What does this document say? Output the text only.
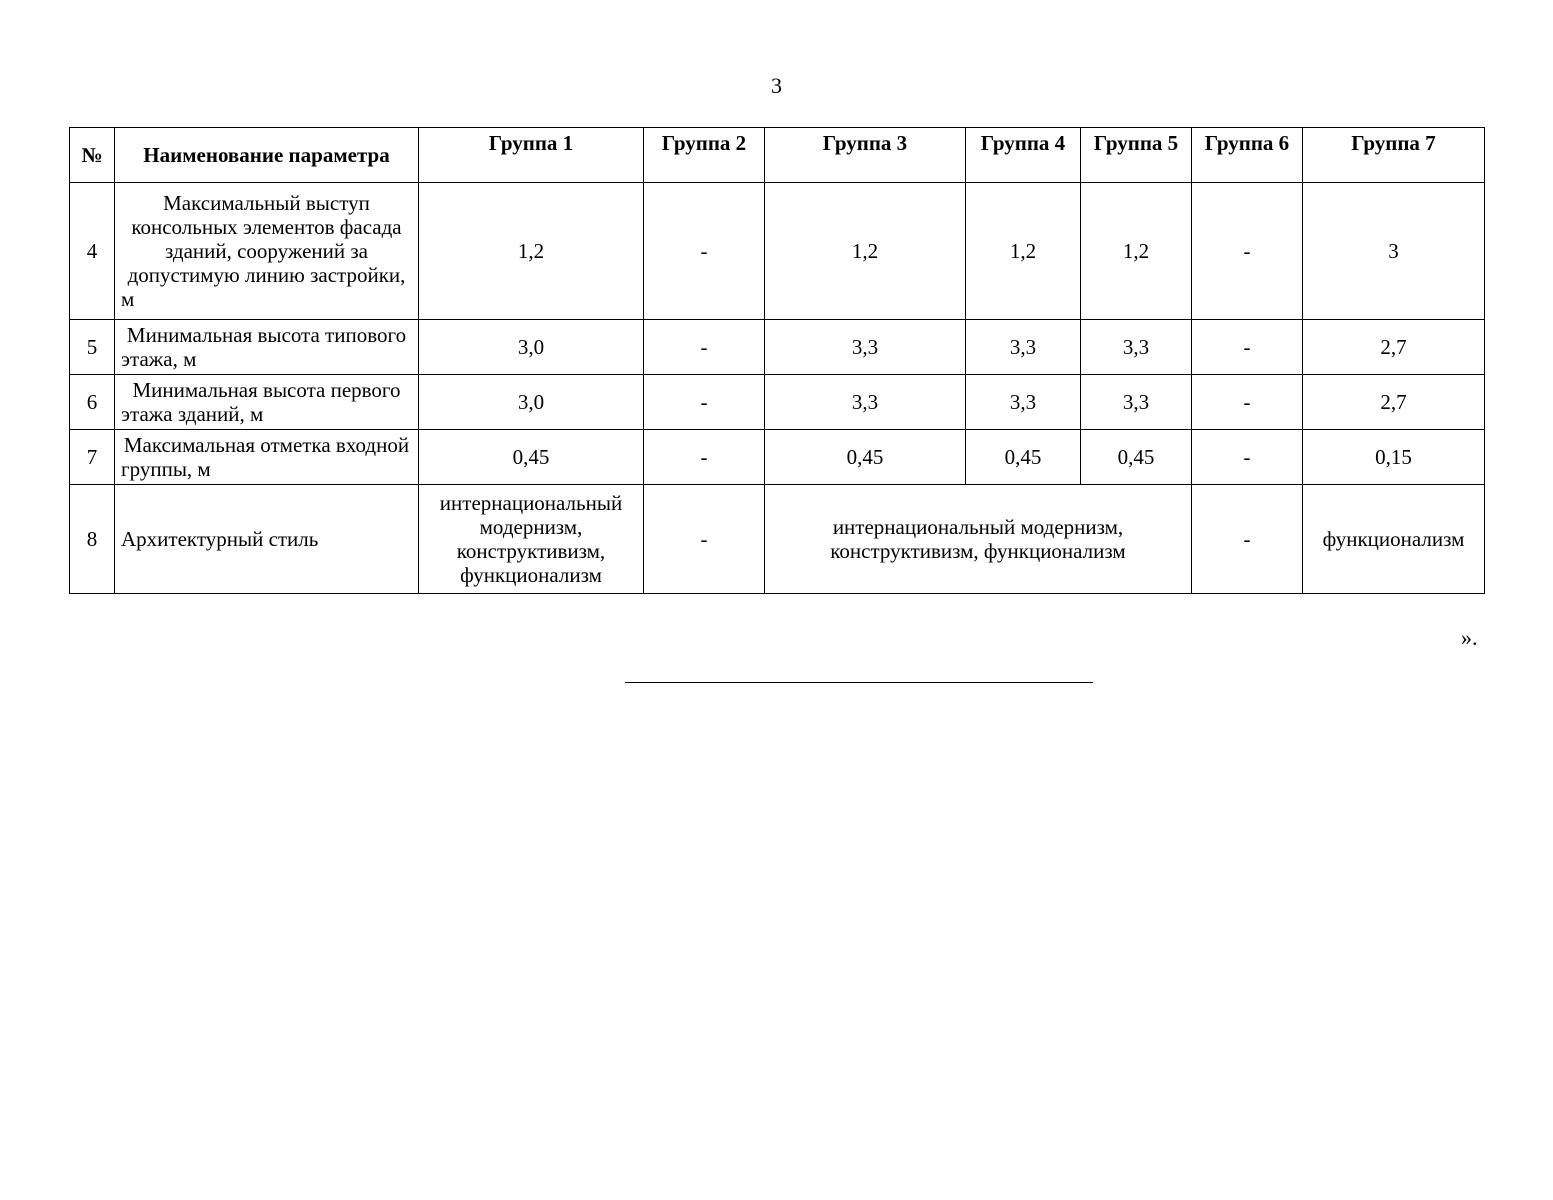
3
№	Наименование параметра	Группа 1	Группа 2	Группа 3	Группа 4	Группа 5	Группа 6	Группа 7
4	Максимальный выступ консольных элементов фасада зданий, сооружений за допустимую линию застройки, м	1,2	-	1,2	1,2	1,2	-	3
5	Минимальная высота типового этажа, м	3,0	-	3,3	3,3	3,3	-	2,7
6	Минимальная высота первого этажа зданий, м	3,0	-	3,3	3,3	3,3	-	2,7
7	Максимальная отметка входной группы, м	0,45	-	0,45	0,45	0,45	-	0,15
8	Архитектурный стиль	интернациональный модернизм, конструктивизм, функционализм	-	интернациональный модернизм, конструктивизм, функционализм			-	функционализм
».
